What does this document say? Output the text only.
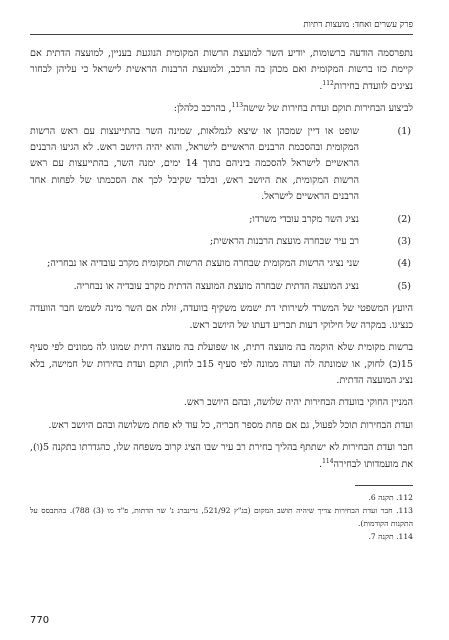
פרק עשרים ואחד: מועצות דתיות

נתפרסמה הודעה ברשומות, יודיע השר למועצת הרשות המקומית הנוגעת בעניין, למועצה הדתית אם קיימת כזו ברשות המקומית ואם מכהן בה הרכב, ולמועצת הרבנות הראשית לישראל כי עליהן לבחור נציגים לוועדת בחירות$^{112}$.

לביצוע הבחירות תוקם ועדת בחירות של שישה$^{113}$, בהרכב כלהלן:

(1)
שופט או דיין שמכהן או שיצא לגמלאות, שמינה השר בהתייעצות עם ראש הרשות המקומית ובהסכמת הרבנים הראשיים לישראל, והוא יהיה היושב ראש. לא הגיעו הרבנים הראשיים לישראל להסכמה ביניהם בתוך 14 ימים, ימנה השר, בהתייעצות עם ראש הרשות המקומית, את היושב ראש, ובלבד שקיבל לכך את הסכמתו של לפחות אחד הרבנים הראשיים לישראל.
(2)
נציג השר מקרב עובדי משרדו;
(3)
רב עיר שבחרה מועצת הרבנות הראשית;
(4)
שני נציגי הרשות המקומית שבחרה מועצת הרשות המקומית מקרב עובדיה או נבחריה;
(5)
נציג המועצה הדתית שבחרה מועצת המועצה הדתית מקרב עובדיה או נבחריה.

היועץ המשפטי של המשרד לשירותי דת ישמש משקיף בוועדה, זולת אם השר מינה לשמש חבר הוועדה כנציגו. במקרה של חילוקי דעות תכריע דעתו של היושב ראש.

ברשות מקומית שלא הוקמה בה מועצה דתית, או שפועלת בה מועצה דתית שמונו לה ממונים לפי סעיף 15(ב) לחוק, או שמונתה לה ועדה ממונה לפי סעיף 15ב לחוק, תוקם ועדת בחירות של חמישה, בלא נציג המועצה הדתית.

המניין החוקי בוועדת הבחירות יהיה שלושה, ובהם היושב ראש.

ועדת הבחירות תוכל לפעול, גם אם פחת מספר חבריה, כל עוד לא פחת משלושה ובהם היושב ראש.

חבר ועדת הבחירות לא ישתתף בהליך בחירת רב עיר שבו הציג קרוב משפחה שלו, כהגדרתו בתקנה 5(ו), את מועמדותו לבחירה$^{114}$.

112. תקנה 6.
113. חבר ועדת הבחירות צריך שיהיה תושב המקום (בג"ץ 521/92, גרינברג נ' שר הדתות, פ"ד מו (3) 788). בהתבסס על התקנות הקודמות).
114. תקנה 7.
770
